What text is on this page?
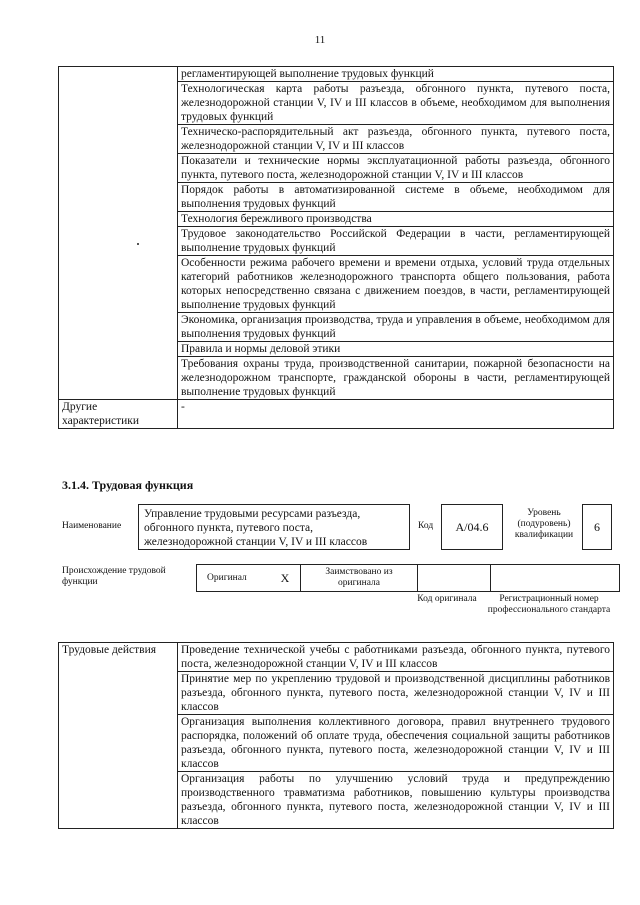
11
	регламентирующей выполнение трудовых функций
	Технологическая карта работы разъезда, обгонного пункта, путевого поста, железнодорожной станции V, IV и III классов в объеме, необходимом для выполнения трудовых функций
	Техническо-распорядительный акт разъезда, обгонного пункта, путевого поста, железнодорожной станции V, IV и III классов
	Показатели и технические нормы эксплуатационной работы разъезда, обгонного пункта, путевого поста, железнодорожной станции V, IV и III классов
	Порядок работы в автоматизированной системе в объеме, необходимом для выполнения трудовых функций
	Технология бережливого производства
	Трудовое законодательство Российской Федерации в части, регламентирующей выполнение трудовых функций
	Особенности режима рабочего времени и времени отдыха, условий труда отдельных категорий работников железнодорожного транспорта общего пользования, работа которых непосредственно связана с движением поездов, в части, регламентирующей выполнение трудовых функций
	Экономика, организация производства, труда и управления в объеме, необходимом для выполнения трудовых функций
	Правила и нормы деловой этики
	Требования охраны труда, производственной санитарии, пожарной безопасности на железнодорожном транспорте, гражданской обороны в части, регламентирующей выполнение трудовых функций
Другие характеристики	-
3.1.4. Трудовая функция
Наименование
Управление трудовыми ресурсами разъезда, обгонного пункта, путевого поста, железнодорожной станции V, IV и III классов
Код	A/04.6
Уровень (подуровень) квалификации
6
Происхождение трудовой функции	Оригинал	X	Заимствовано из оригинала		
Код оригинала	Регистрационный номер профессионального стандарта
Трудовые действия	Проведение технической учебы с работниками разъезда, обгонного пункта, путевого поста, железнодорожной станции V, IV и III классов
Принятие мер по укреплению трудовой и производственной дисциплины работников разъезда, обгонного пункта, путевого поста, железнодорожной станции V, IV и III классов
Организация выполнения коллективного договора, правил внутреннего трудового распорядка, положений об оплате труда, обеспечения социальной защиты работников разъезда, обгонного пункта, путевого поста, железнодорожной станции V, IV и III классов
Организация работы по улучшению условий труда и предупреждению производственного травматизма работников, повышению культуры производства разъезда, обгонного пункта, путевого поста, железнодорожной станции V, IV и III классов
